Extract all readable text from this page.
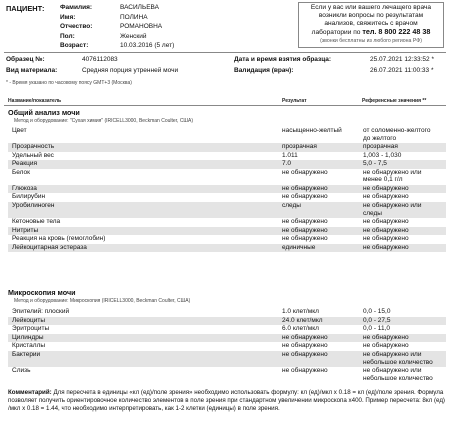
ПАЦИЕНТ: Фамилия:	ВАСИЛЬЕВА
Имя:	ПОЛИНА
Отчество:	РОМАНОВНА
Пол:	Женский
Возраст:	10.03.2016 (5 лет)
Если у вас или вашего лечащего врача
возникли вопросы по результатам
анализов, свяжитесь с врачом
лаборатории по тел. 8 800 222 48 38
(звонки бесплатны из любого региона РФ)
Образец №:	4076112083
Вид материала:	Средняя порция утренней мочи
Дата и время взятия образца:	25.07.2021 12:33:52 *
Валидация (врач):	26.07.2021 11:00:33 *
* - Время указано по часовому поясу GMT+3 (Москва)
Название/показатель	Результат	Референсные значения **
Общий анализ мочи
Метод и оборудование: "Сухая химия" (IRICELL3000, Beckman Coulter, США)
Цвет	насыщенно-желтый	от соломенно-желтого
до желтого
Прозрачность	прозрачная	прозрачная
Удельный вес	1.011	1,003 - 1,030
Реакция	7.0	5,0 - 7,5
Белок	не обнаружено	не обнаружено или
менее 0,1 г/л
Глюкоза	не обнаружено	не обнаружено
Билирубин	не обнаружено	не обнаружено
Уробилиноген	следы	не обнаружено или
следы
Кетоновые тела	не обнаружено	не обнаружено
Нитриты	не обнаружено	не обнаружено
Реакция на кровь (гемоглобин)	не обнаружено	не обнаружено
Лейкоцитарная эстераза	единичные	не обнаружено
Микроскопия мочи
Метод и оборудование: Микроскопия (IRICELL3000, Beckman Coulter, США)
Эпителий: плоский	1.0 клет/мкл	0,0 - 15,0
Лейкоциты	24.0 клет/мкл	0,0 - 27,5
Эритроциты	6.0 клет/мкл	0,0 - 11,0
Цилиндры	не обнаружено	не обнаружено
Кристаллы	не обнаружено	не обнаружено
Бактерии	не обнаружено	не обнаружено или
небольшое количество
Слизь	не обнаружено	не обнаружено или
небольшое количество
Комментарий: Для пересчета в единицы «кл (ед)/поле зрения» необходимо использовать формулу: кл (ед)/мкл х 0.18 = кл (ед)/поле зрения. Формула позволяет получить ориентировочное количество элементов в поле зрения при стандартном увеличении микроскопа х400. Пример пересчета: 8кл (ед) /мкл х 0.18 = 1.44, что необходимо интерпретировать, как 1-2 клетки (единицы) в поле зрения.
